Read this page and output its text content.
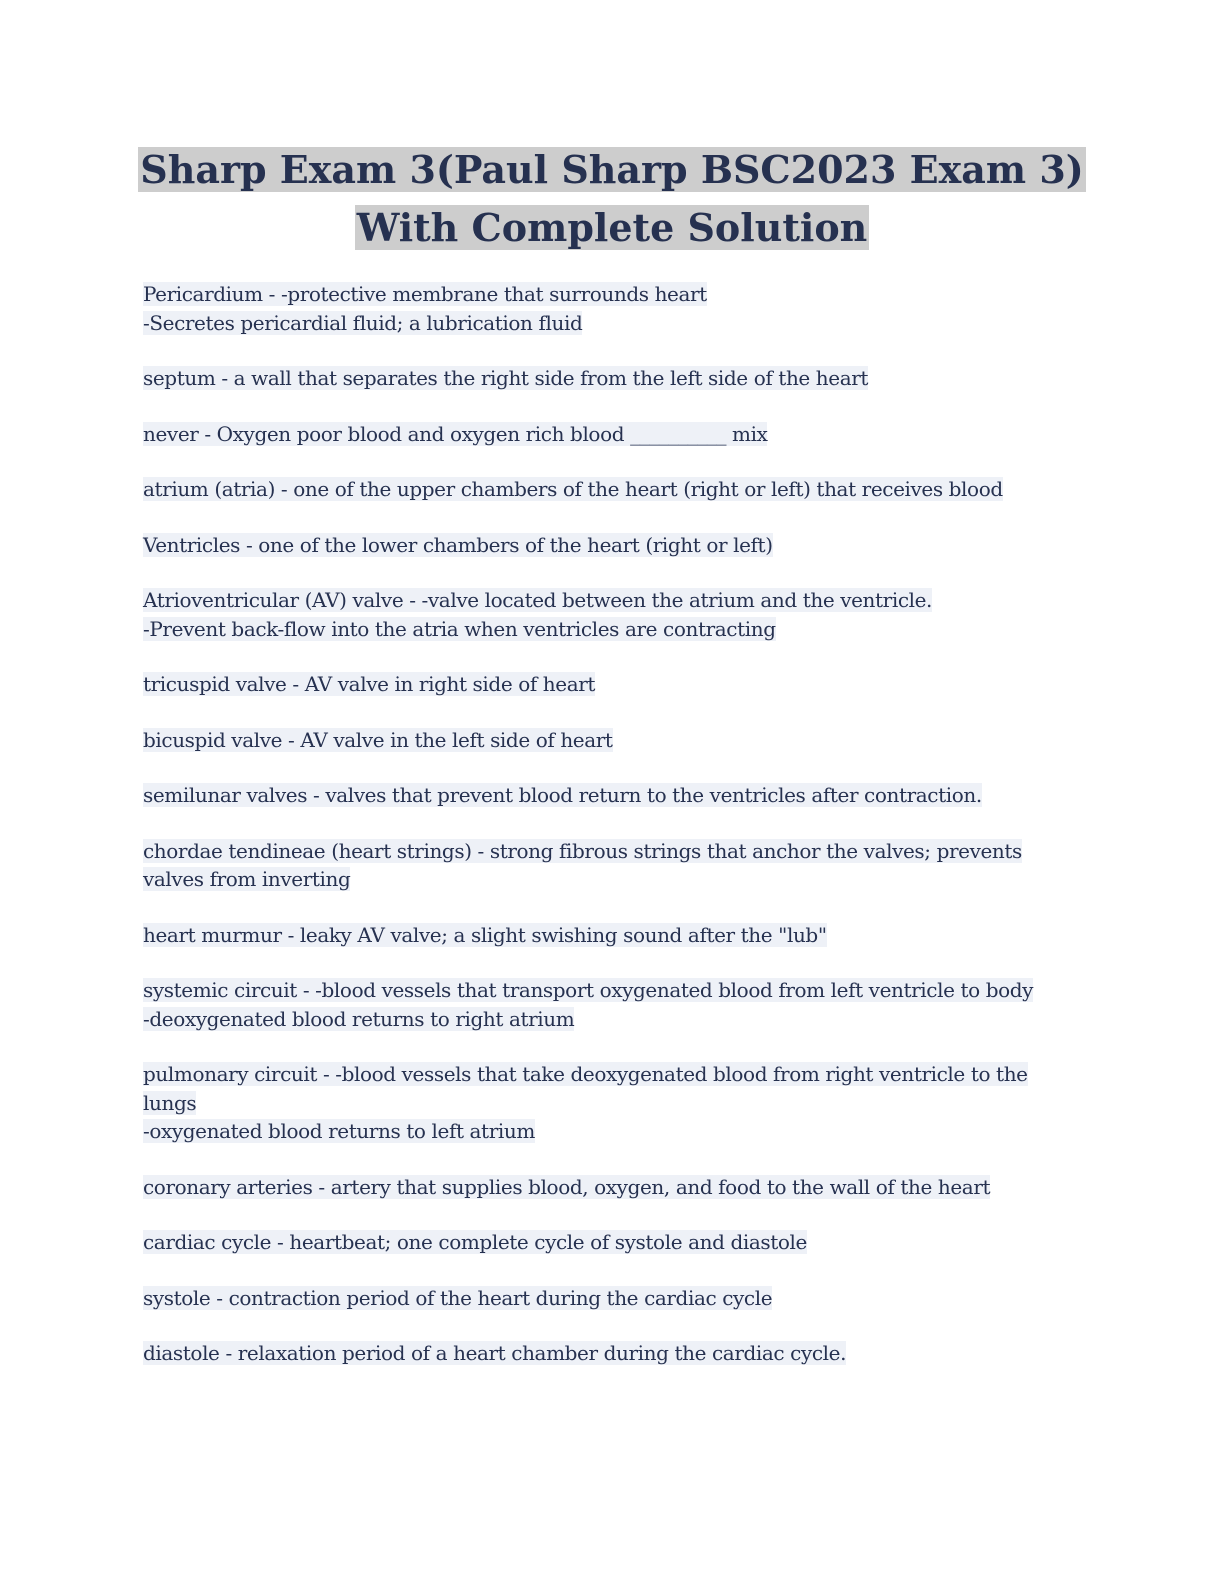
Sharp Exam 3(Paul Sharp BSC2023 Exam 3)
With Complete Solution
Pericardium - -protective membrane that surrounds heart
-Secretes pericardial fluid; a lubrication fluid
septum - a wall that separates the right side from the left side of the heart
never - Oxygen poor blood and oxygen rich blood __________ mix
atrium (atria) - one of the upper chambers of the heart (right or left) that receives blood
Ventricles - one of the lower chambers of the heart (right or left)
Atrioventricular (AV) valve - -valve located between the atrium and the ventricle.
-Prevent back-flow into the atria when ventricles are contracting
tricuspid valve - AV valve in right side of heart
bicuspid valve - AV valve in the left side of heart
semilunar valves - valves that prevent blood return to the ventricles after contraction.
chordae tendineae (heart strings) - strong fibrous strings that anchor the valves; prevents
valves from inverting
heart murmur - leaky AV valve; a slight swishing sound after the "lub"
systemic circuit - -blood vessels that transport oxygenated blood from left ventricle to body
-deoxygenated blood returns to right atrium
pulmonary circuit - -blood vessels that take deoxygenated blood from right ventricle to the
lungs
-oxygenated blood returns to left atrium
coronary arteries - artery that supplies blood, oxygen, and food to the wall of the heart
cardiac cycle - heartbeat; one complete cycle of systole and diastole
systole - contraction period of the heart during the cardiac cycle
diastole - relaxation period of a heart chamber during the cardiac cycle.
